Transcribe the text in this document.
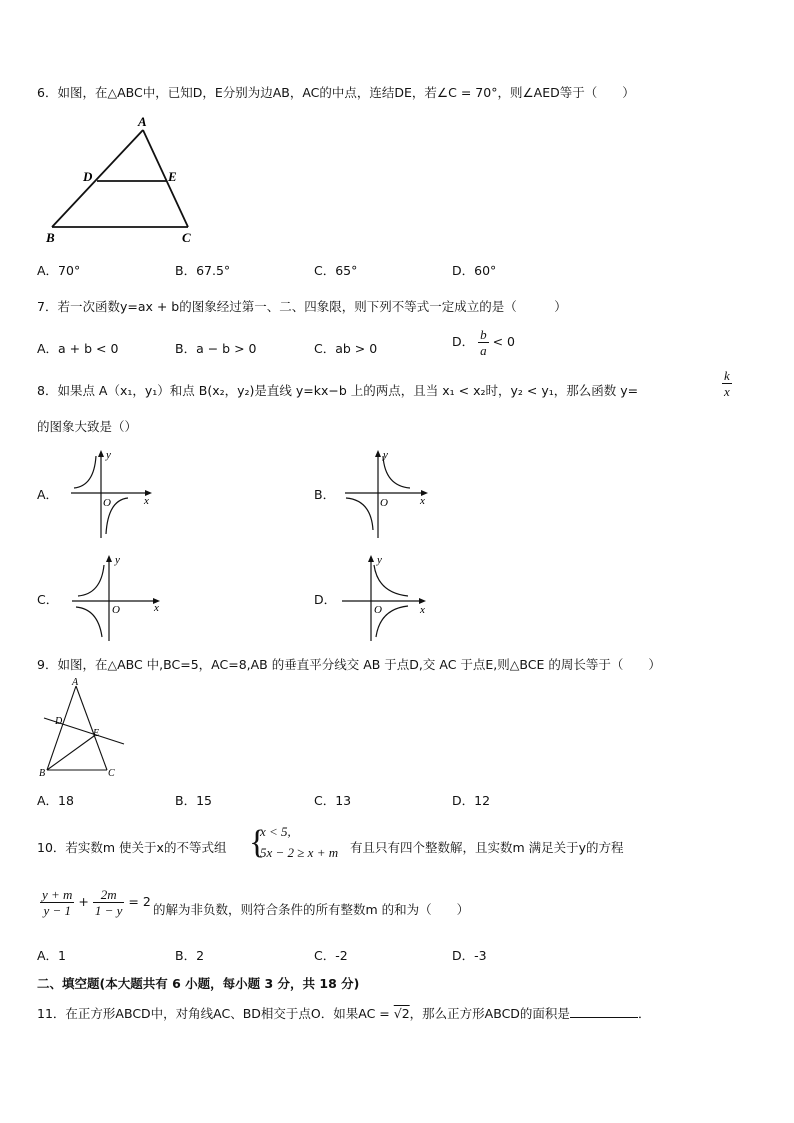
6．如图，在△ABC中，已知D，E分别为边AB，AC的中点，连结DE，若∠C = 70°，则∠AED等于（　　）
A
D	E
B	C
A．70°	B．67.5°	C．65°	D．60°
7．若一次函数y=ax + b的图象经过第一、二、四象限，则下列不等式一定成立的是（　　　）
A．a + b < 0	B．a − b > 0	C．ab > 0	D． $\frac{b}{a} < 0$
8．如果点 A（x₁，y₁）和点 B(x₂，y₂)是直线 y=kx−b 上的两点，且当 x₁ < x₂时，y₂ < y₁，那么函数 y=	$\frac{k}{x}$
的图象大致是（）
A．
y
x
O
B．
y
x
O
C．
y
x
O
D．
y
x
O
9．如图，在△ABC 中,BC=5，AC=8,AB 的垂直平分线交 AB 于点D,交 AC 于点E,则△BCE 的周长等于（　　）
A
D
E
B	C
A．18	B．15	C．13	D．12
10．若实数m 使关于x的不等式组 {
x < 5,
5x − 2 ≥ x + m 有且只有四个整数解，且实数m 满足关于y的方程
$\frac{y + m}{y - 1} + \frac{2m}{1 - y} = 2$
的解为非负数，则符合条件的所有整数m 的和为（　　）
A．1	B．2	C．-2	D．-3
二、填空题(本大题共有 6 小题，每小题 3 分，共 18 分)
11．在正方形ABCD中，对角线AC、BD相交于点O．如果AC = √2，那么正方形ABCD的面积是	．
